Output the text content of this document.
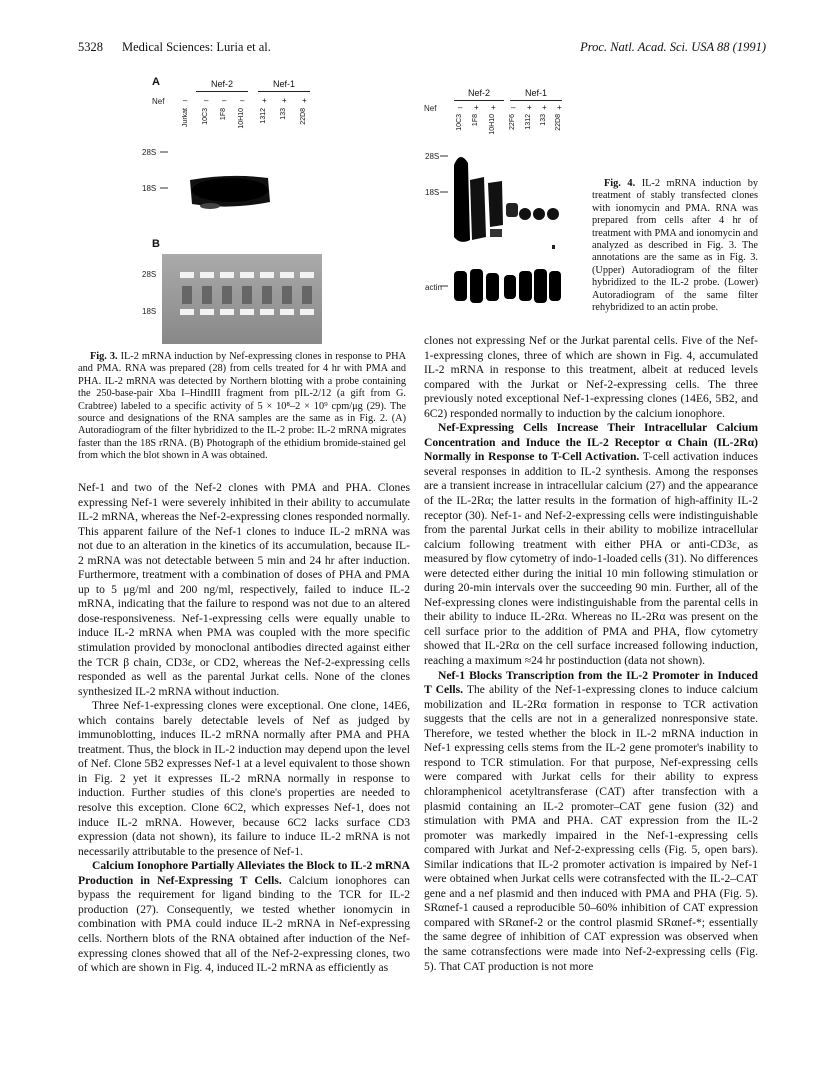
5328 Medical Sciences: Luria et al.	Proc. Natl. Acad. Sci. USA 88 (1991)
A	Nef-2	Nef-1
Nef – – – – + + +
Jurkat 10C3 1F8 10H10 1312 133 22D8
28S
18S
B
28S
18S

Fig. 3. IL-2 mRNA induction by Nef-expressing clones in response to PHA and PMA. RNA was prepared (28) from cells treated for 4 hr with PMA and PHA. IL-2 mRNA was detected by Northern blotting with a probe containing the 250-base-pair Xba I–HindIII fragment from pIL-2/12 (a gift from G. Crabtree) labeled to a specific activity of 5 × 10⁸–2 × 10⁹ cpm/μg (29). The source and designations of the RNA samples are the same as in Fig. 2. (A) Autoradiogram of the filter hybridized to the IL-2 probe: IL-2 mRNA migrates faster than the 18S rRNA. (B) Photograph of the ethidium bromide-stained gel from which the blot shown in A was obtained.

Nef-2	Nef-1
Nef	– + + – + + +
10C3 1F8 10H10 22F6 1312 133 22D8
28S
18S
actin

Fig. 4. IL-2 mRNA induction by treatment of stably transfected clones with ionomycin and PMA. RNA was prepared from cells after 4 hr of treatment with PMA and ionomycin and analyzed as described in Fig. 3. The annotations are the same as in Fig. 3. (Upper) Autoradiogram of the filter hybridized to the IL-2 probe. (Lower) Autoradiogram of the same filter rehybridized to an actin probe.

Nef-1 and two of the Nef-2 clones with PMA and PHA. Clones expressing Nef-1 were severely inhibited in their ability to accumulate IL-2 mRNA, whereas the Nef-2-expressing clones responded normally. This apparent failure of the Nef-1 clones to induce IL-2 mRNA was not due to an alteration in the kinetics of its accumulation, because IL-2 mRNA was not detectable between 5 min and 24 hr after induction. Furthermore, treatment with a combination of doses of PHA and PMA up to 5 μg/ml and 200 ng/ml, respectively, failed to induce IL-2 mRNA, indicating that the failure to respond was not due to an altered dose-responsiveness. Nef-1-expressing cells were equally unable to induce IL-2 mRNA when PMA was coupled with the more specific stimulation provided by monoclonal antibodies directed against either the TCR β chain, CD3ε, or CD2, whereas the Nef-2-expressing cells responded as well as the parental Jurkat cells. None of the clones synthesized IL-2 mRNA without induction.

Three Nef-1-expressing clones were exceptional. One clone, 14E6, which contains barely detectable levels of Nef as judged by immunoblotting, induces IL-2 mRNA normally after PMA and PHA treatment. Thus, the block in IL-2 induction may depend upon the level of Nef. Clone 5B2 expresses Nef-1 at a level equivalent to those shown in Fig. 2 yet it expresses IL-2 mRNA normally in response to induction. Further studies of this clone's properties are needed to resolve this exception. Clone 6C2, which expresses Nef-1, does not induce IL-2 mRNA. However, because 6C2 lacks surface CD3 expression (data not shown), its failure to induce IL-2 mRNA is not necessarily attributable to the presence of Nef-1.

Calcium Ionophore Partially Alleviates the Block to IL-2 mRNA Production in Nef-Expressing T Cells. Calcium ionophores can bypass the requirement for ligand binding to the TCR for IL-2 production (27). Consequently, we tested whether ionomycin in combination with PMA could induce IL-2 mRNA in Nef-expressing cells. Northern blots of the RNA obtained after induction of the Nef-expressing clones showed that all of the Nef-2-expressing clones, two of which are shown in Fig. 4, induced IL-2 mRNA as efficiently as

clones not expressing Nef or the Jurkat parental cells. Five of the Nef-1-expressing clones, three of which are shown in Fig. 4, accumulated IL-2 mRNA in response to this treatment, albeit at reduced levels compared with the Jurkat or Nef-2-expressing cells. The three previously noted exceptional Nef-1-expressing clones (14E6, 5B2, and 6C2) responded normally to induction by the calcium ionophore.

Nef-Expressing Cells Increase Their Intracellular Calcium Concentration and Induce the IL-2 Receptor α Chain (IL-2Rα) Normally in Response to T-Cell Activation. T-cell activation induces several responses in addition to IL-2 synthesis. Among the responses are a transient increase in intracellular calcium (27) and the appearance of the IL-2Rα; the latter results in the formation of high-affinity IL-2 receptor (30). Nef-1- and Nef-2-expressing cells were indistinguishable from the parental Jurkat cells in their ability to mobilize intracellular calcium following treatment with either PHA or anti-CD3ε, as measured by flow cytometry of indo-1-loaded cells (31). No differences were detected either during the initial 10 min following stimulation or during 20-min intervals over the succeeding 90 min. Further, all of the Nef-expressing clones were indistinguishable from the parental cells in their ability to induce IL-2Rα. Whereas no IL-2Rα was present on the cell surface prior to the addition of PMA and PHA, flow cytometry showed that IL-2Rα on the cell surface increased following induction, reaching a maximum ≈24 hr postinduction (data not shown).

Nef-1 Blocks Transcription from the IL-2 Promoter in Induced T Cells. The ability of the Nef-1-expressing clones to induce calcium mobilization and IL-2Rα formation in response to TCR activation suggests that the cells are not in a generalized nonresponsive state. Therefore, we tested whether the block in IL-2 mRNA induction in Nef-1 expressing cells stems from the IL-2 gene promoter's inability to respond to TCR stimulation. For that purpose, Nef-expressing cells were compared with Jurkat cells for their ability to express chloramphenicol acetyltransferase (CAT) after transfection with a plasmid containing an IL-2 promoter–CAT gene fusion (32) and stimulation with PMA and PHA. CAT expression from the IL-2 promoter was markedly impaired in the Nef-1-expressing cells compared with Jurkat and Nef-2-expressing cells (Fig. 5, open bars). Similar indications that IL-2 promoter activation is impaired by Nef-1 were obtained when Jurkat cells were cotransfected with the IL-2–CAT gene and a nef plasmid and then induced with PMA and PHA (Fig. 5). SRαnef-1 caused a reproducible 50–60% inhibition of CAT expression compared with SRαnef-2 or the control plasmid SRαnef-*; essentially the same degree of inhibition of CAT expression was observed when the same cotransfections were made into Nef-2-expressing cells (Fig. 5). That CAT production is not more
